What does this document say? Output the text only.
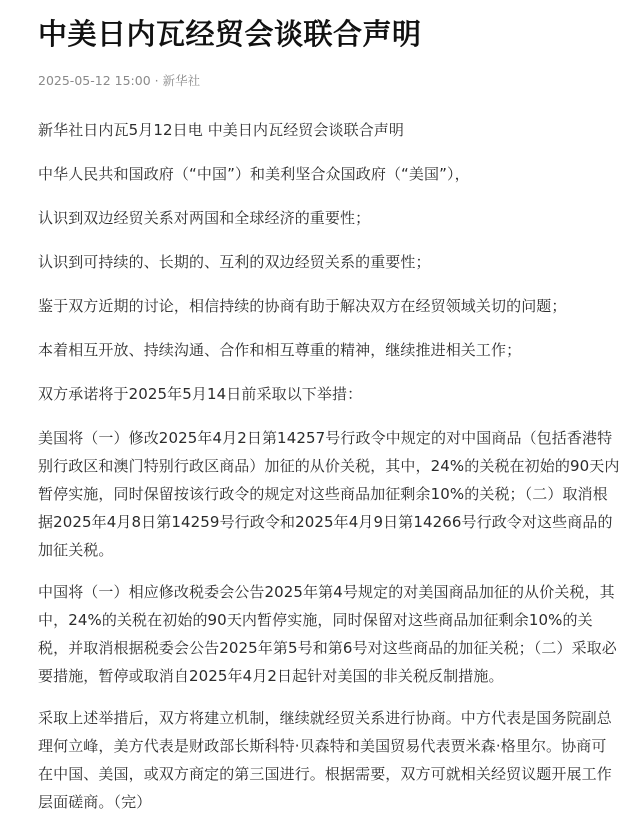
中美日内瓦经贸会谈联合声明
2025-05-12 15:00 · 新华社

新华社日内瓦5月12日电 中美日内瓦经贸会谈联合声明

中华人民共和国政府（“中国”）和美利坚合众国政府（“美国”），

认识到双边经贸关系对两国和全球经济的重要性；

认识到可持续的、长期的、互利的双边经贸关系的重要性；

鉴于双方近期的讨论，相信持续的协商有助于解决双方在经贸领域关切的问题；

本着相互开放、持续沟通、合作和相互尊重的精神，继续推进相关工作；

双方承诺将于2025年5月14日前采取以下举措：

美国将（一）修改2025年4月2日第14257号行政令中规定的对中国商品（包括香港特别行政区和澳门特别行政区商品）加征的从价关税，其中，24%的关税在初始的90天内暂停实施，同时保留按该行政令的规定对这些商品加征剩余10%的关税；（二）取消根据2025年4月8日第14259号行政令和2025年4月9日第14266号行政令对这些商品的加征关税。

中国将（一）相应修改税委会公告2025年第4号规定的对美国商品加征的从价关税，其中，24%的关税在初始的90天内暂停实施，同时保留对这些商品加征剩余10%的关税，并取消根据税委会公告2025年第5号和第6号对这些商品的加征关税；（二）采取必要措施，暂停或取消自2025年4月2日起针对美国的非关税反制措施。

采取上述举措后，双方将建立机制，继续就经贸关系进行协商。中方代表是国务院副总理何立峰，美方代表是财政部长斯科特·贝森特和美国贸易代表贾米森·格里尔。协商可在中国、美国，或双方商定的第三国进行。根据需要，双方可就相关经贸议题开展工作层面磋商。（完）
